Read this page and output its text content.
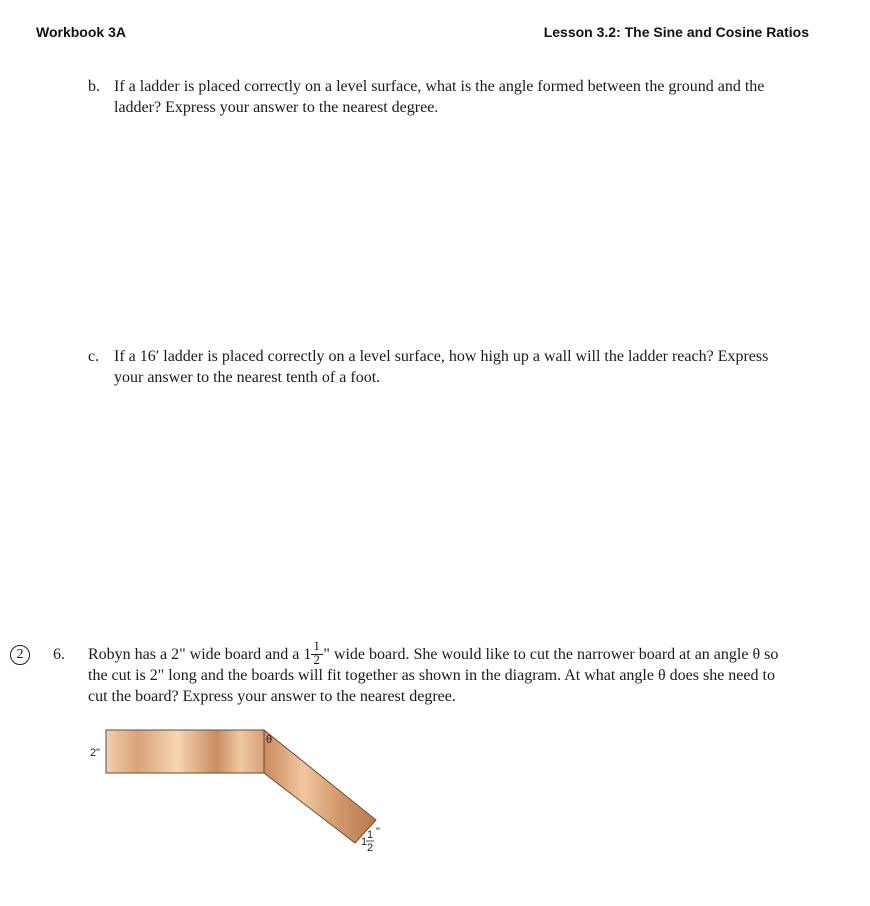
Workbook 3A	Lesson 3.2: The Sine and Cosine Ratios
b. If a ladder is placed correctly on a level surface, what is the angle formed between the ground and the ladder? Express your answer to the nearest degree.
c. If a 16′ ladder is placed correctly on a level surface, how high up a wall will the ladder reach? Express your answer to the nearest tenth of a foot.
2	6. Robyn has a 2" wide board and a $1 \frac{1}{2}$ " wide board. She would like to cut the narrower board at an angle θ so the cut is 2" long and the boards will fit together as shown in the diagram. At what angle θ does she need to cut the board? Express your answer to the nearest degree.
2"
θ
1
1
2
"
